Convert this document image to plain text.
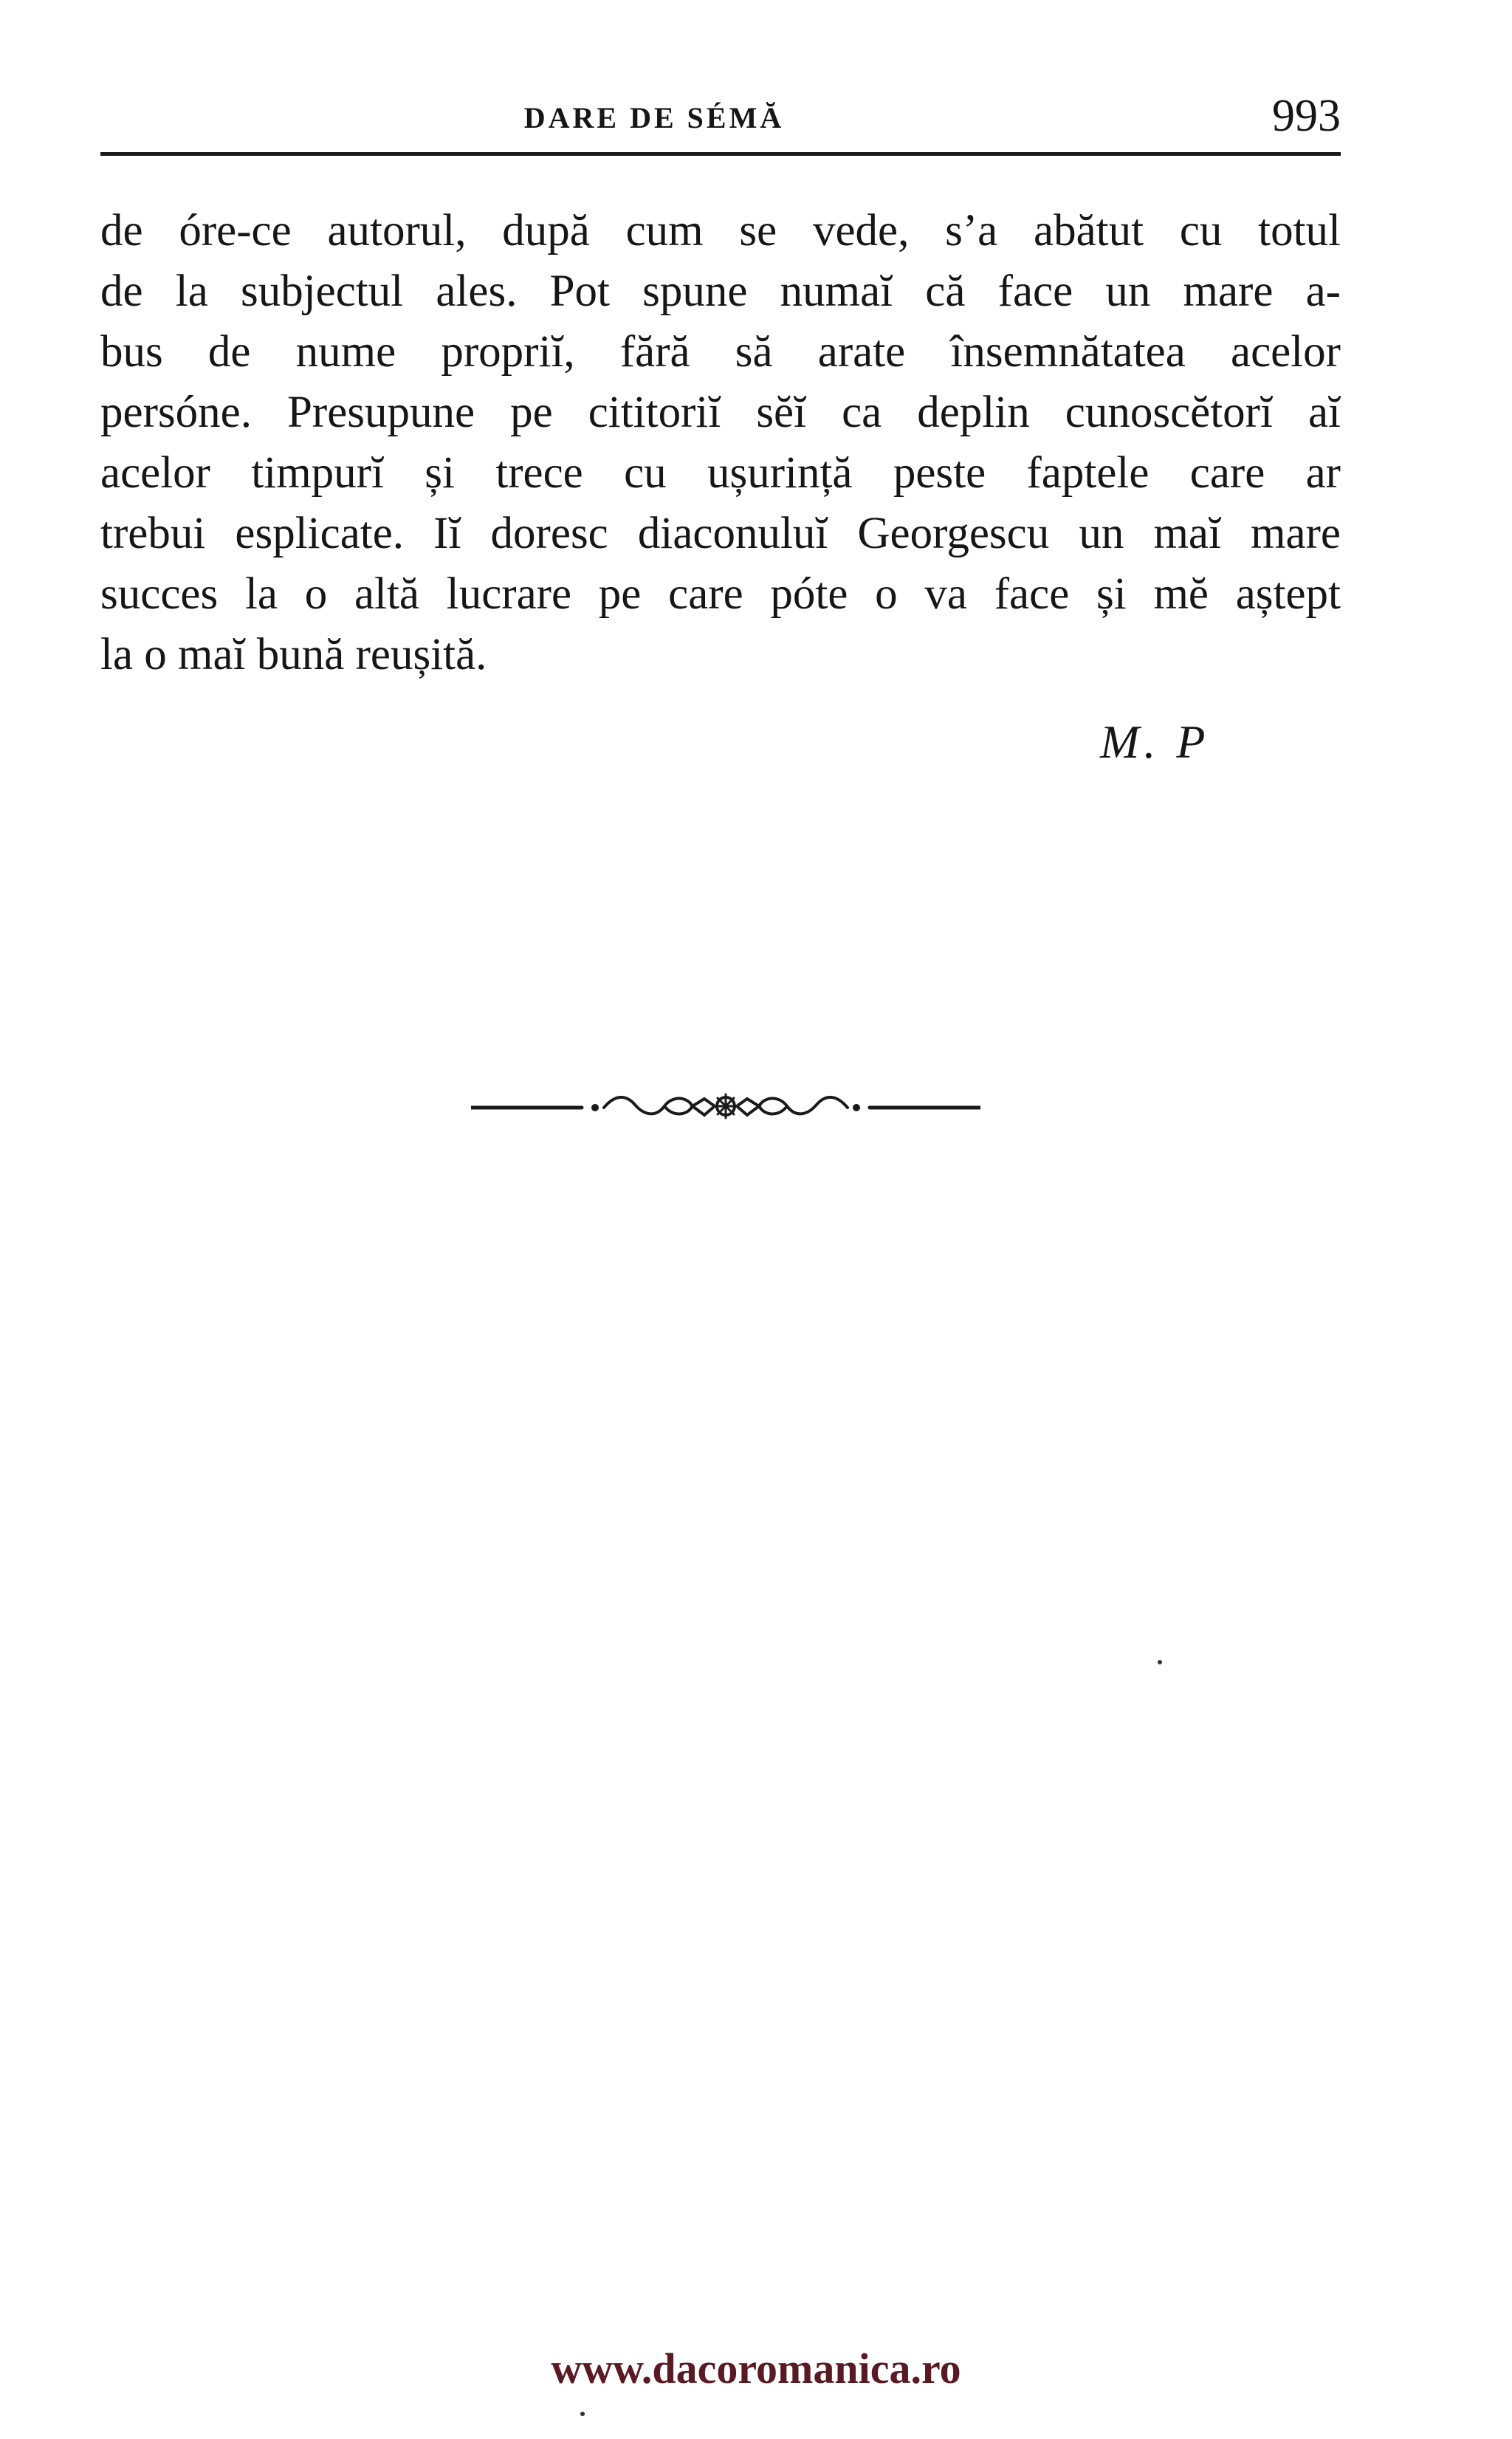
DARE DE SÉMĂ	993

de óre-ce autorul, după cum se vede, s’a abătut cu totul
de la subjectul ales. Pot spune numaĭ că face un mare a-
bus de nume propriĭ, fără să arate însemnătatea acelor
persóne. Presupune pe cititoriĭ sĕĭ ca deplin cunoscĕtorĭ aĭ
acelor timpurĭ și trece cu ușurință peste faptele care ar
trebui esplicate. Iĭ doresc diaconuluĭ Georgescu un maĭ mare
succes la o altă lucrare pe care póte o va face și mĕ aștept
la o maĭ bună reușită.

M. P
www.dacoromanica.ro
